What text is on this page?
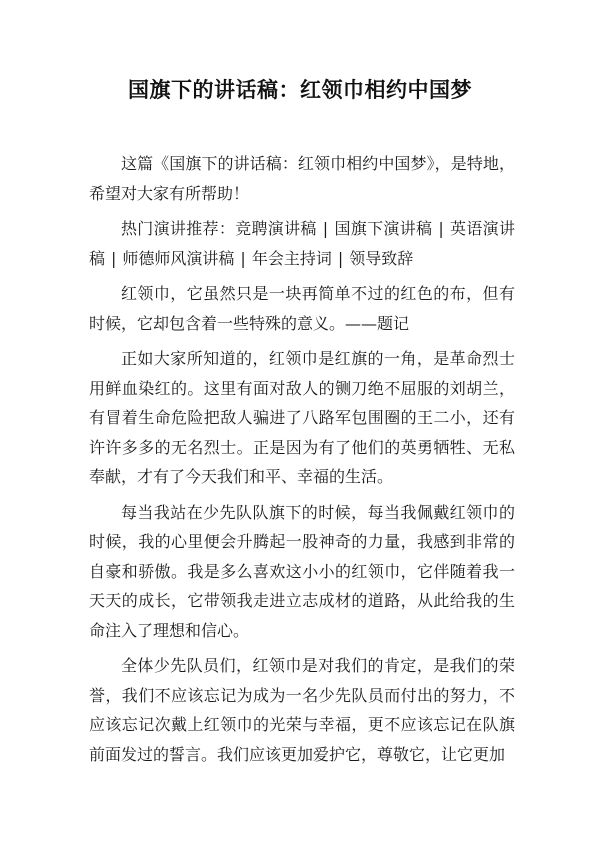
国旗下的讲话稿：红领巾相约中国梦

这篇《国旗下的讲话稿：红领巾相约中国梦》，是特地，希望对大家有所帮助！

热门演讲推荐：竞聘演讲稿 | 国旗下演讲稿 | 英语演讲稿 | 师德师风演讲稿 | 年会主持词 | 领导致辞

红领巾，它虽然只是一块再简单不过的红色的布，但有时候，它却包含着一些特殊的意义。——题记

正如大家所知道的，红领巾是红旗的一角，是革命烈士用鲜血染红的。这里有面对敌人的铡刀绝不屈服的刘胡兰，有冒着生命危险把敌人骗进了八路军包围圈的王二小，还有许许多多的无名烈士。正是因为有了他们的英勇牺牲、无私奉献，才有了今天我们和平、幸福的生活。

每当我站在少先队队旗下的时候，每当我佩戴红领巾的时候，我的心里便会升腾起一股神奇的力量，我感到非常的自豪和骄傲。我是多么喜欢这小小的红领巾，它伴随着我一天天的成长，它带领我走进立志成材的道路，从此给我的生命注入了理想和信心。

全体少先队员们，红领巾是对我们的肯定，是我们的荣誉，我们不应该忘记为成为一名少先队员而付出的努力，不应该忘记次戴上红领巾的光荣与幸福，更不应该忘记在队旗前面发过的誓言。我们应该更加爱护它，尊敬它，让它更加
